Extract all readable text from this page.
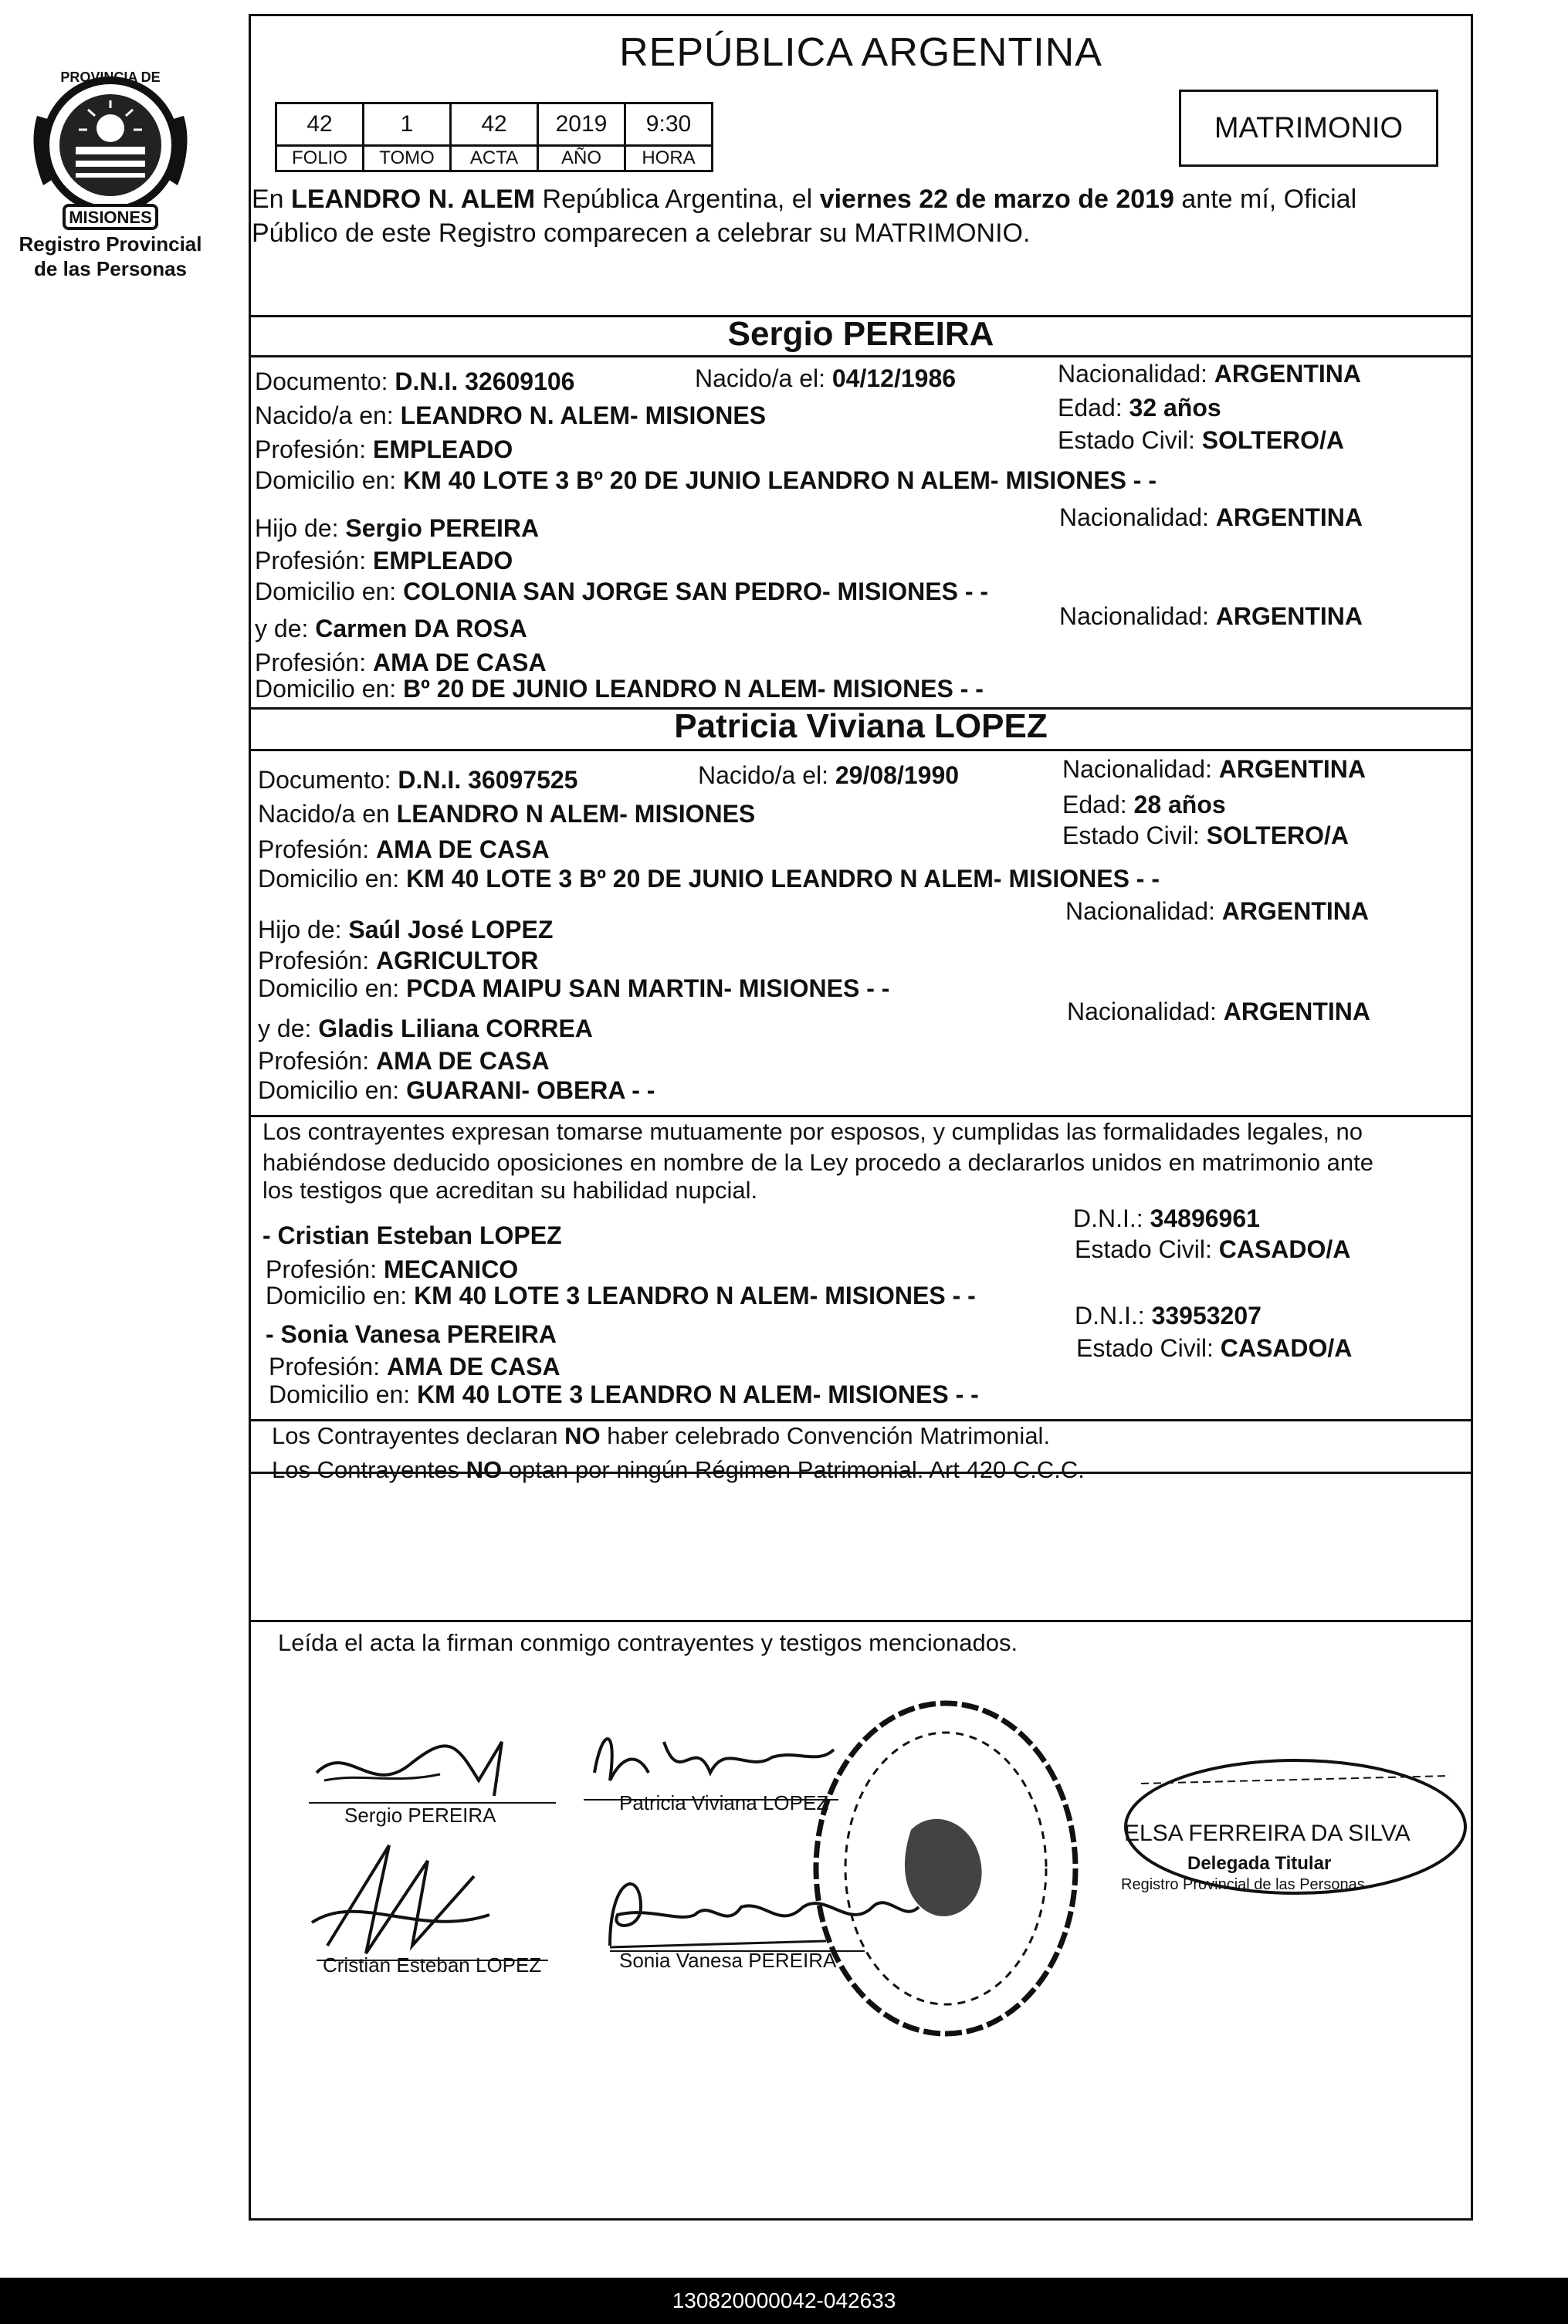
MISIONES
PROVINCIA DE
Registro Provincial
de las Personas
REPÚBLICA ARGENTINA
42	1	42	2019	9:30
FOLIO	TOMO	ACTA	AÑO	HORA
MATRIMONIO
En LEANDRO N. ALEM República Argentina, el viernes 22 de marzo de 2019 ante mí, Oficial
Público de este Registro comparecen a celebrar su MATRIMONIO.
Sergio PEREIRA
Documento: D.N.I. 32609106	Nacido/a el: 04/12/1986	Nacionalidad: ARGENTINA
Nacido/a en: LEANDRO N. ALEM- MISIONES	Edad: 32 años
Profesión: EMPLEADO	Estado Civil: SOLTERO/A
Domicilio en: KM 40 LOTE 3 Bº 20 DE JUNIO LEANDRO N ALEM- MISIONES - -
Hijo de: Sergio PEREIRA	Nacionalidad: ARGENTINA
Profesión: EMPLEADO
Domicilio en: COLONIA SAN JORGE SAN PEDRO- MISIONES - -
y de: Carmen DA ROSA	Nacionalidad: ARGENTINA
Profesión: AMA DE CASA
Domicilio en: Bº 20 DE JUNIO LEANDRO N ALEM- MISIONES - -
Patricia Viviana LOPEZ
Documento: D.N.I. 36097525	Nacido/a el: 29/08/1990	Nacionalidad: ARGENTINA
Nacido/a en LEANDRO N ALEM- MISIONES	Edad: 28 años
Profesión: AMA DE CASA	Estado Civil: SOLTERO/A
Domicilio en: KM 40 LOTE 3 Bº 20 DE JUNIO LEANDRO N ALEM- MISIONES - -
Hijo de: Saúl José LOPEZ
Nacionalidad: ARGENTINA
Profesión: AGRICULTOR
Domicilio en: PCDA MAIPU SAN MARTIN- MISIONES - -
y de: Gladis Liliana CORREA
Nacionalidad: ARGENTINA
Profesión: AMA DE CASA
Domicilio en: GUARANI- OBERA - -
Los contrayentes expresan tomarse mutuamente por esposos, y cumplidas las formalidades legales, no
habiéndose deducido oposiciones en nombre de la Ley procedo a declararlos unidos en matrimonio ante
los testigos que acreditan su habilidad nupcial.
- Cristian Esteban LOPEZ
D.N.I.: 34896961
Profesión: MECANICO
Estado Civil: CASADO/A
Domicilio en: KM 40 LOTE 3 LEANDRO N ALEM- MISIONES - -
- Sonia Vanesa PEREIRA
D.N.I.: 33953207
Profesión: AMA DE CASA
Estado Civil: CASADO/A
Domicilio en: KM 40 LOTE 3 LEANDRO N ALEM- MISIONES - -
Los Contrayentes declaran NO haber celebrado Convención Matrimonial.
Los Contrayentes NO optan por ningún Régimen Patrimonial. Art 420 C.C.C.
Leída el acta la firman conmigo contrayentes y testigos mencionados.
Sergio PEREIRA
Patricia Viviana LOPEZ
Cristian Esteban LOPEZ	Sonia Vanesa PEREIRA
ELSA FERREIRA DA SILVA
Delegada Titular
Registro Provincial de las Personas
130820000042-042633
